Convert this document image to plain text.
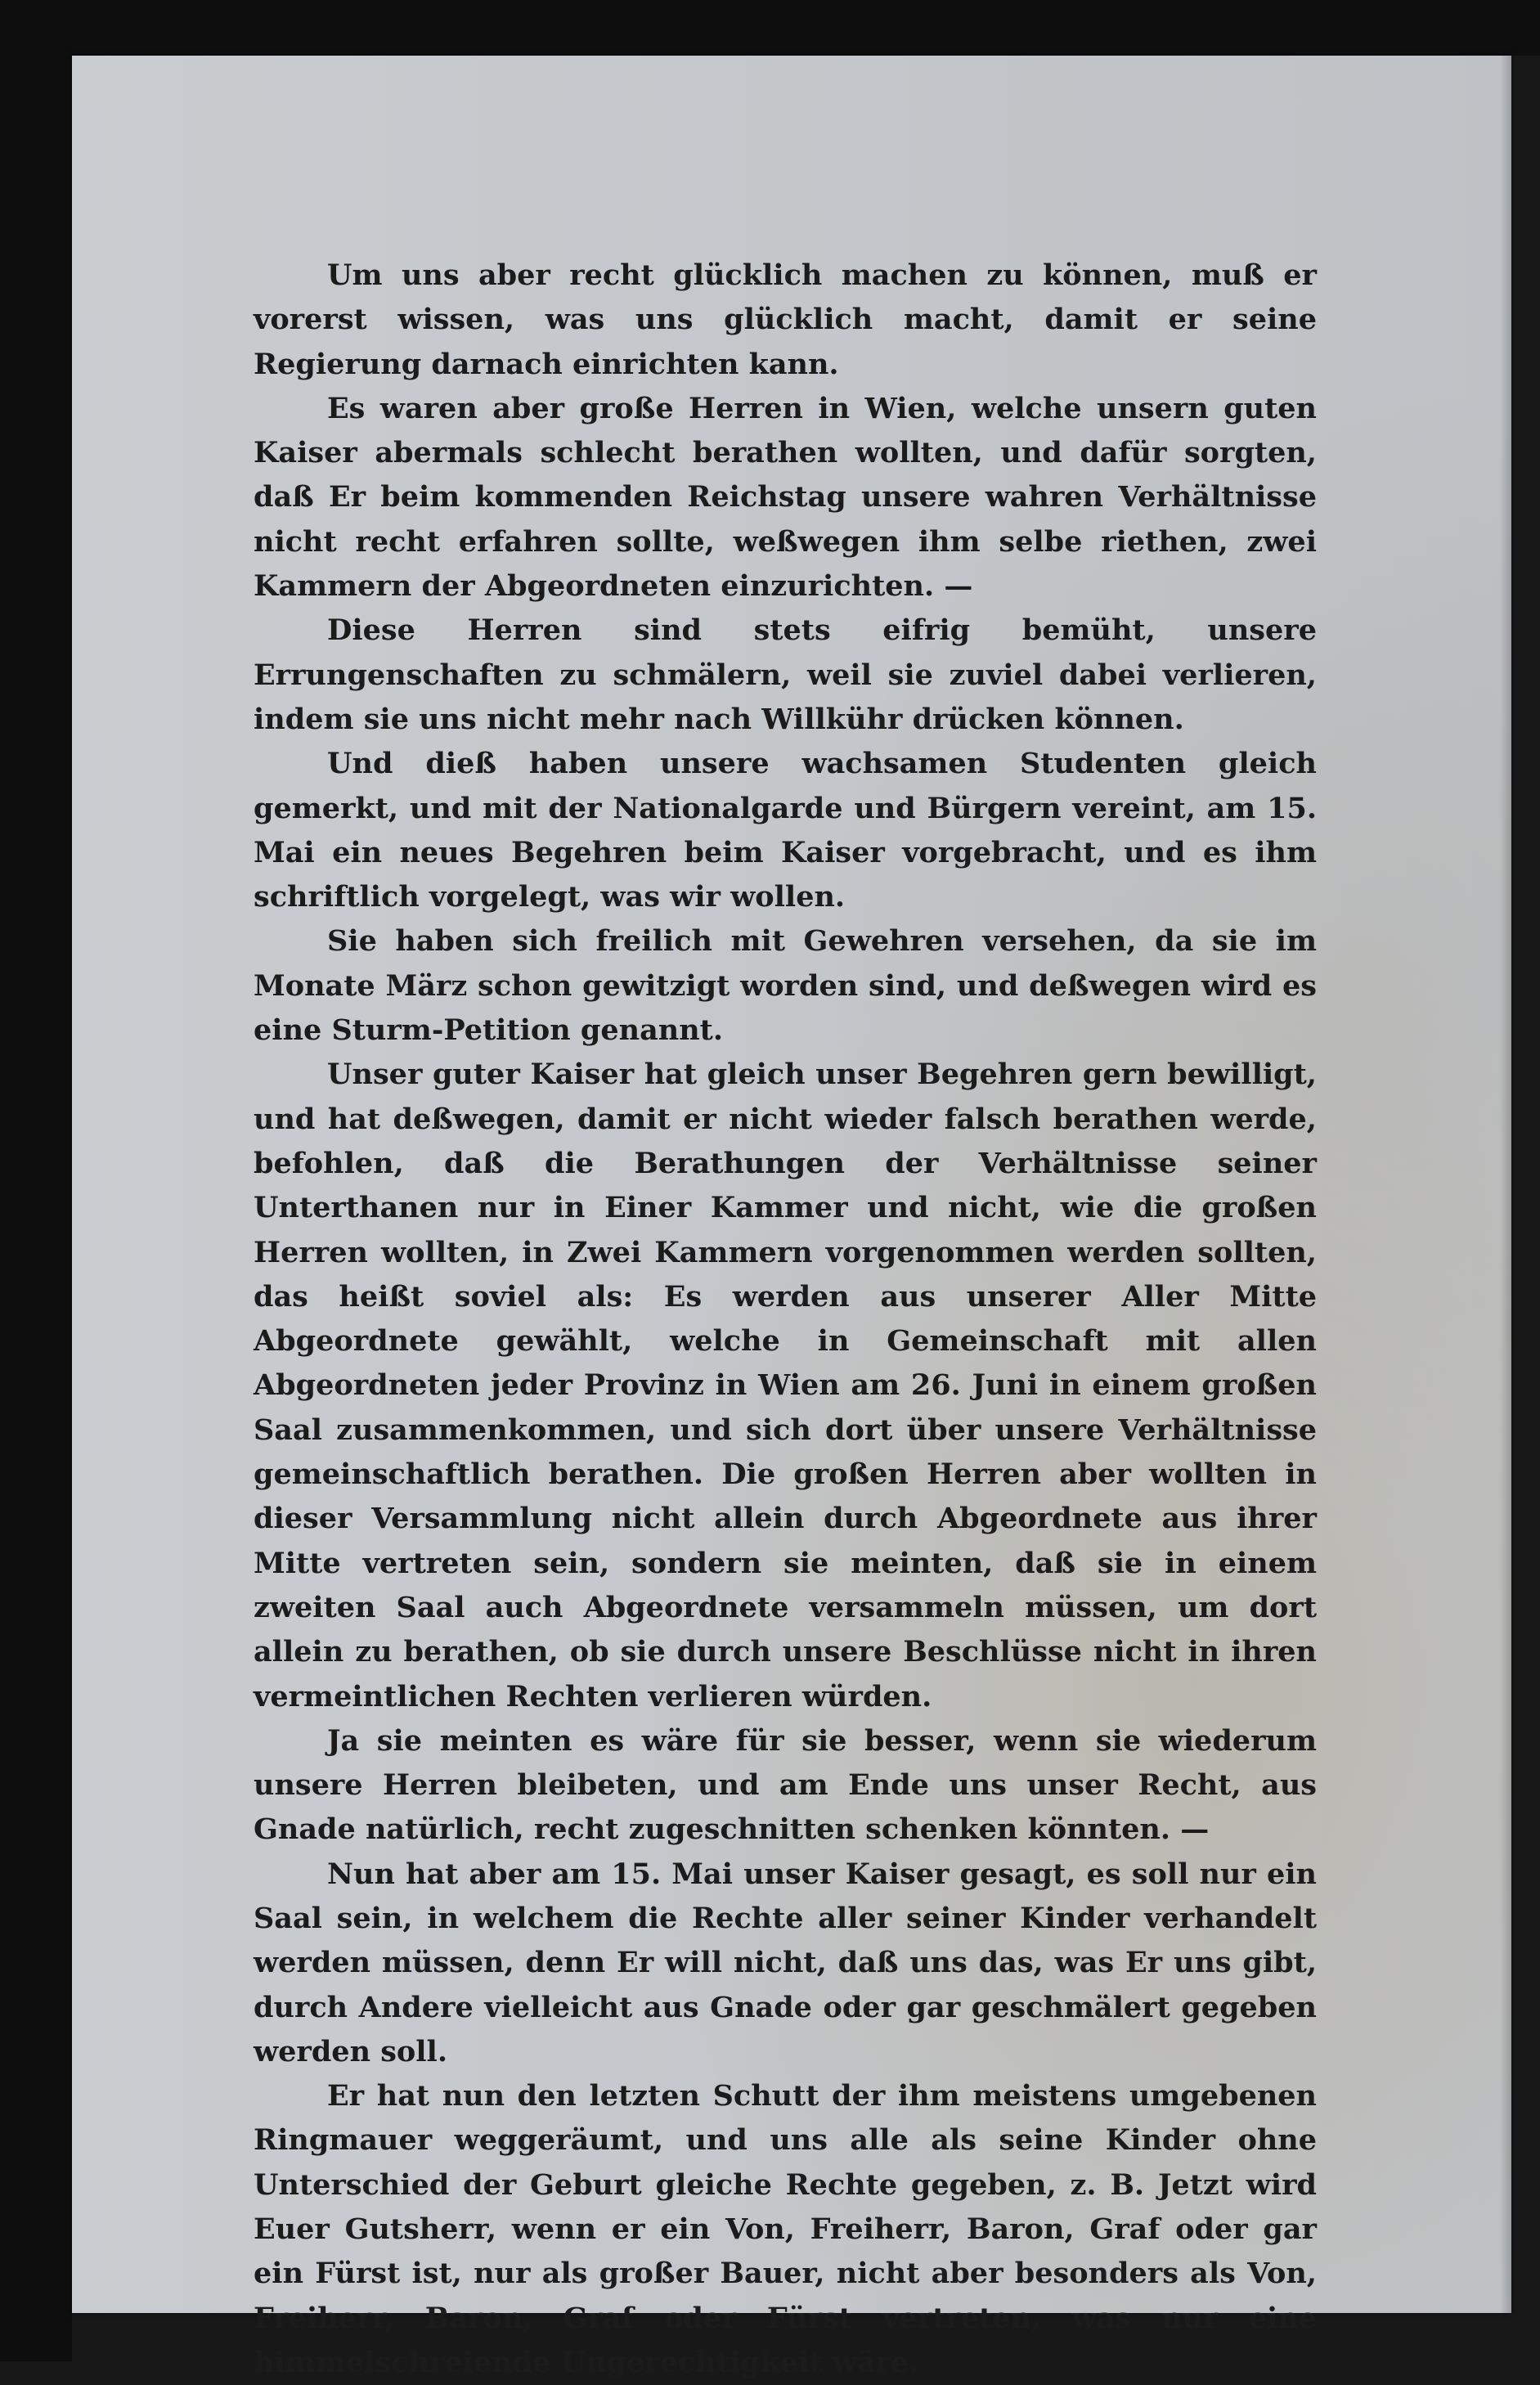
Um uns aber recht glücklich machen zu können, muß er vorerst wissen, was uns glücklich macht, damit er seine Regierung darnach einrichten kann.

Es waren aber große Herren in Wien, welche unsern guten Kaiser abermals schlecht berathen wollten, und dafür sorgten, daß Er beim kommenden Reichstag unsere wahren Verhältnisse nicht recht erfahren sollte, weßwegen ihm selbe riethen, zwei Kammern der Abgeordneten einzurichten. —

Diese Herren sind stets eifrig bemüht, unsere Errungenschaften zu schmälern, weil sie zuviel dabei verlieren, indem sie uns nicht mehr nach Willkühr drücken können.

Und dieß haben unsere wachsamen Studenten gleich gemerkt, und mit der Nationalgarde und Bürgern vereint, am 15. Mai ein neues Begehren beim Kaiser vorgebracht, und es ihm schriftlich vorgelegt, was wir wollen.

Sie haben sich freilich mit Gewehren versehen, da sie im Monate März schon gewitzigt worden sind, und deßwegen wird es eine Sturm-Petition genannt.

Unser guter Kaiser hat gleich unser Begehren gern bewilligt, und hat deßwegen, damit er nicht wieder falsch berathen werde, befohlen, daß die Berathungen der Verhältnisse seiner Unterthanen nur in Einer Kammer und nicht, wie die großen Herren wollten, in Zwei Kammern vorgenommen werden sollten, das heißt soviel als: Es werden aus unserer Aller Mitte Abgeordnete gewählt, welche in Gemeinschaft mit allen Abgeordneten jeder Provinz in Wien am 26. Juni in einem großen Saal zusammenkommen, und sich dort über unsere Verhältnisse gemeinschaftlich berathen. Die großen Herren aber wollten in dieser Versammlung nicht allein durch Abgeordnete aus ihrer Mitte vertreten sein, sondern sie meinten, daß sie in einem zweiten Saal auch Abgeordnete versammeln müssen, um dort allein zu berathen, ob sie durch unsere Beschlüsse nicht in ihren vermeintlichen Rechten verlieren würden.

Ja sie meinten es wäre für sie besser, wenn sie wiederum unsere Herren bleibeten, und am Ende uns unser Recht, aus Gnade natürlich, recht zugeschnitten schenken könnten. —

Nun hat aber am 15. Mai unser Kaiser gesagt, es soll nur ein Saal sein, in welchem die Rechte aller seiner Kinder verhandelt werden müssen, denn Er will nicht, daß uns das, was Er uns gibt, durch Andere vielleicht aus Gnade oder gar geschmälert gegeben werden soll.

Er hat nun den letzten Schutt der ihm meistens umgebenen Ringmauer weggeräumt, und uns alle als seine Kinder ohne Unterschied der Geburt gleiche Rechte gegeben, z. B. Jetzt wird Euer Gutsherr, wenn er ein Von, Freiherr, Baron, Graf oder gar ein Fürst ist, nur als großer Bauer, nicht aber besonders als Von, Freiherr, Baron, Graf oder Fürst vertreten, was nur eine himmelschreiende Ungerechtigkeit wäre.
